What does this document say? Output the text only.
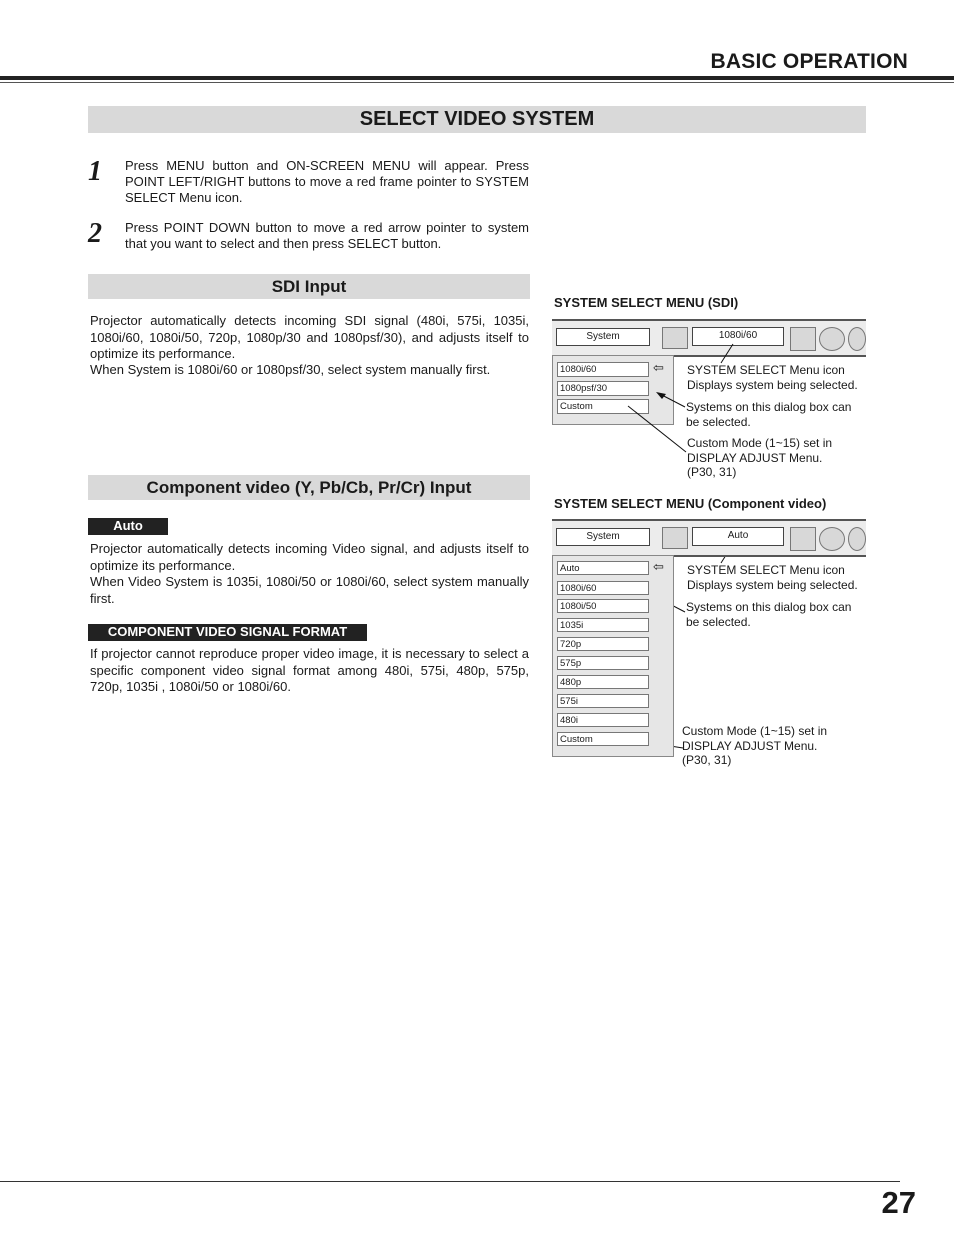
BASIC OPERATION
SELECT VIDEO SYSTEM
1 Press MENU button and ON-SCREEN MENU will appear. Press POINT LEFT/RIGHT buttons to move a red frame pointer to SYSTEM SELECT Menu icon.
2 Press POINT DOWN button to move a red arrow pointer to system that you want to select and then press SELECT button.
SDI Input
Projector automatically detects incoming SDI signal (480i, 575i, 1035i, 1080i/60, 1080i/50, 720p, 1080p/30 and 1080psf/30), and adjusts itself to optimize its performance.
When System is 1080i/60 or 1080psf/30, select system manually first.
SYSTEM SELECT MENU (SDI)
System	1080i/60
1080i/60
1080psf/30
Custom
⇦ SYSTEM SELECT Menu icon
Displays system being selected.
Systems on this dialog box can be selected.
Custom Mode (1~15) set in DISPLAY ADJUST Menu. (P30, 31)
Component video (Y, Pb/Cb, Pr/Cr) Input
Auto
Projector automatically detects incoming Video signal, and adjusts itself to optimize its performance.
When Video System is 1035i, 1080i/50 or 1080i/60, select system manually first.
COMPONENT VIDEO SIGNAL FORMAT
If projector cannot reproduce proper video image, it is necessary to select a specific component video signal format among 480i, 575i, 480p, 575p, 720p, 1035i , 1080i/50 or 1080i/60.
SYSTEM SELECT MENU (Component video)
System	Auto
Auto
1080i/60
1080i/50
1035i
720p
575p
480p
575i
480i
Custom
⇦ SYSTEM SELECT Menu icon
Displays system being selected.
Systems on this dialog box can be selected.
Custom Mode (1~15) set in DISPLAY ADJUST Menu. (P30, 31)
27
